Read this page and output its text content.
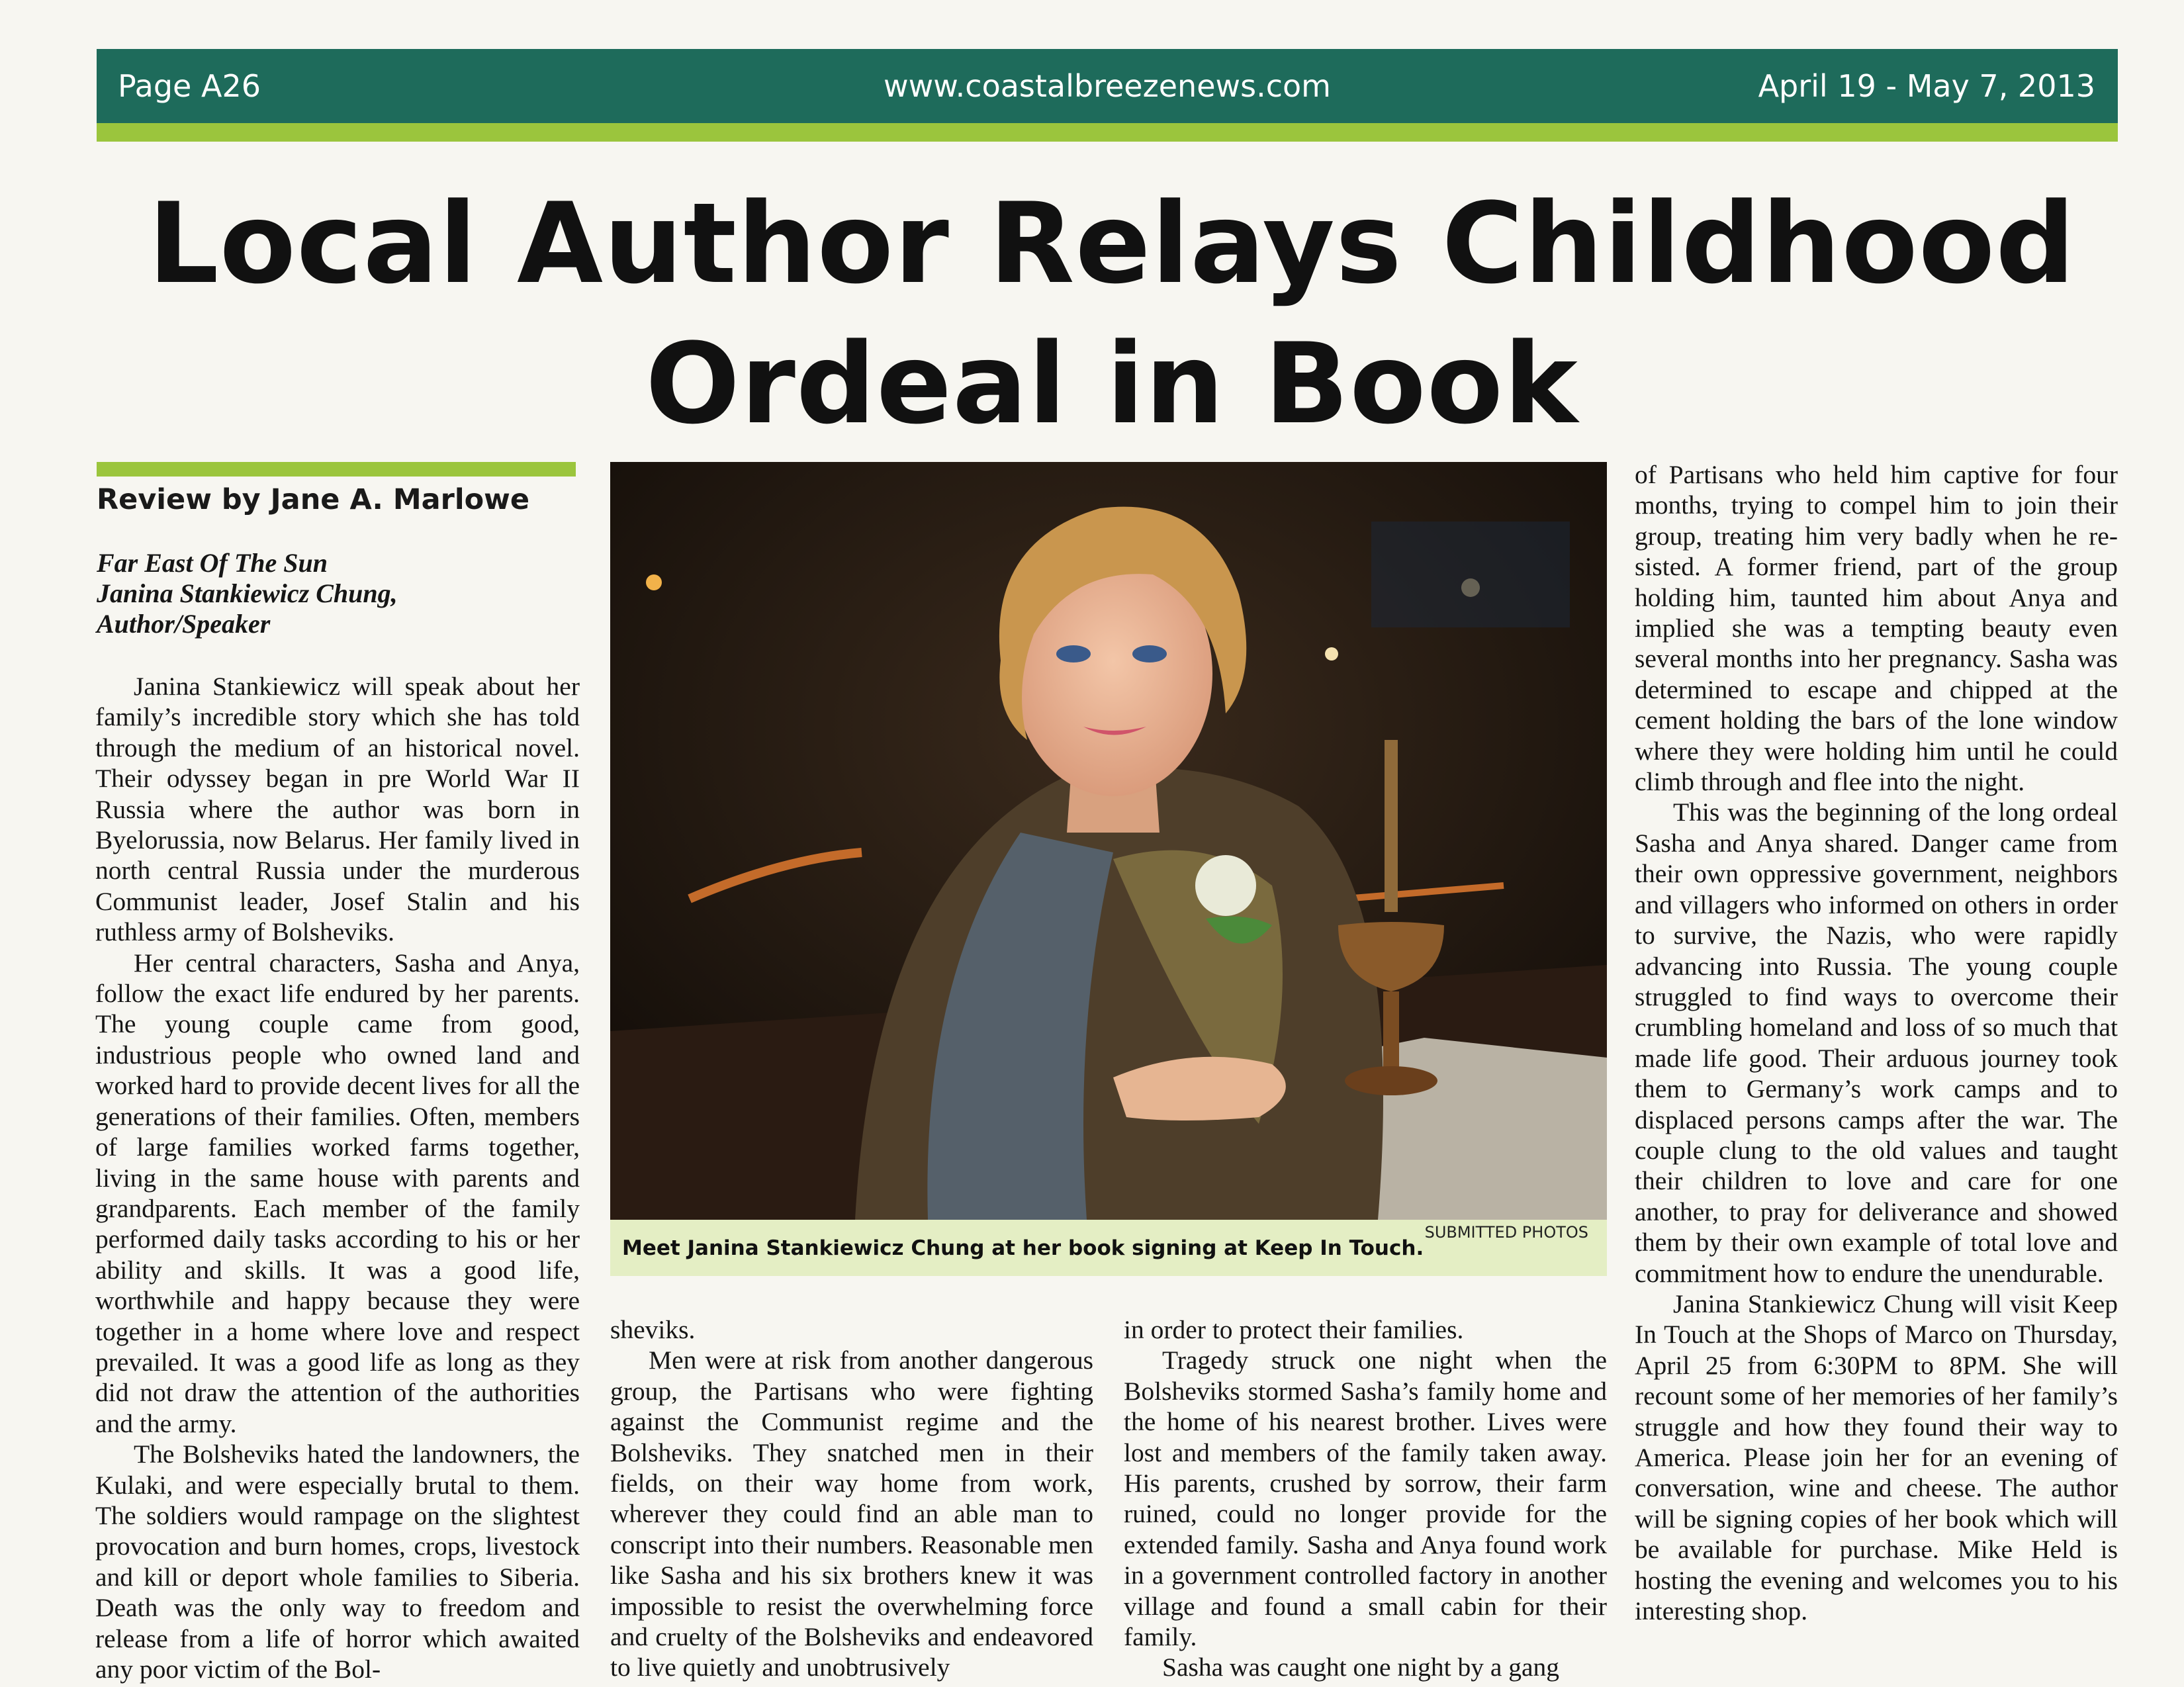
Page A26	www.coastalbreezenews.com	April 19 - May 7, 2013
Local Author Relays Childhood
Ordeal in Book
Review by Jane A. Marlowe
Far East Of The Sun
Janina Stankiewicz Chung,
Author/Speaker

Janina Stankiewicz will speak about her family’s incredible story which she has told through the medium of an historical novel. Their odyssey began in pre World War II Russia where the author was born in Byelorussia, now Belarus. Her family lived in north central Russia under the murderous Communist leader, Josef Stalin and his ruthless army of Bolsheviks.

Her central characters, Sasha and Anya, follow the exact life endured by her parents. The young couple came from good, industrious people who owned land and worked hard to provide decent lives for all the generations of their families. Often, members of large families worked farms together, living in the same house with parents and grandparents. Each member of the family performed daily tasks according to his or her ability and skills. It was a good life, worthwhile and happy because they were together in a home where love and respect prevailed. It was a good life as long as they did not draw the attention of the authorities and the army.

The Bolsheviks hated the landowners, the Kulaki, and were especially brutal to them. The soldiers would rampage on the slightest provocation and burn homes, crops, livestock and kill or deport whole families to Siberia. Death was the only way to freedom and release from a life of horror which awaited any poor victim of the Bol-

SUBMITTED PHOTOS
Meet Janina Stankiewicz Chung at her book signing at Keep In Touch.

sheviks.

Men were at risk from another dangerous group, the Partisans who were fighting against the Communist regime and the Bolsheviks. They snatched men in their fields, on their way home from work, wherever they could find an able man to conscript into their numbers. Reasonable men like Sasha and his six brothers knew it was impossible to resist the overwhelming force and cruelty of the Bolsheviks and endeavored to live quietly and unobtrusively

in order to protect their families.

Tragedy struck one night when the Bolsheviks stormed Sasha’s family home and the home of his nearest brother. Lives were lost and members of the family taken away. His parents, crushed by sorrow, their farm ruined, could no longer provide for the extended family. Sasha and Anya found work in a government controlled factory in another village and found a small cabin for their family.

Sasha was caught one night by a gang

of Partisans who held him captive for four months, trying to compel him to join their group, treating him very badly when he resisted. A former friend, part of the group holding him, taunted him about Anya and implied she was a tempting beauty even several months into her pregnancy. Sasha was determined to escape and chipped at the cement holding the bars of the lone window where they were holding him until he could climb through and flee into the night.

This was the beginning of the long ordeal Sasha and Anya shared. Danger came from their own oppressive government, neighbors and villagers who informed on others in order to survive, the Nazis, who were rapidly advancing into Russia. The young couple struggled to find ways to overcome their crumbling homeland and loss of so much that made life good. Their arduous journey took them to Germany’s work camps and to displaced persons camps after the war. The couple clung to the old values and taught their children to love and care for one another, to pray for deliverance and showed them by their own example of total love and commitment how to endure the unendurable.

Janina Stankiewicz Chung will visit Keep In Touch at the Shops of Marco on Thursday, April 25 from 6:30PM to 8PM. She will recount some of her memories of her family’s struggle and how they found their way to America. Please join her for an evening of conversation, wine and cheese. The author will be signing copies of her book which will be available for purchase. Mike Held is hosting the evening and welcomes you to his interesting shop.
